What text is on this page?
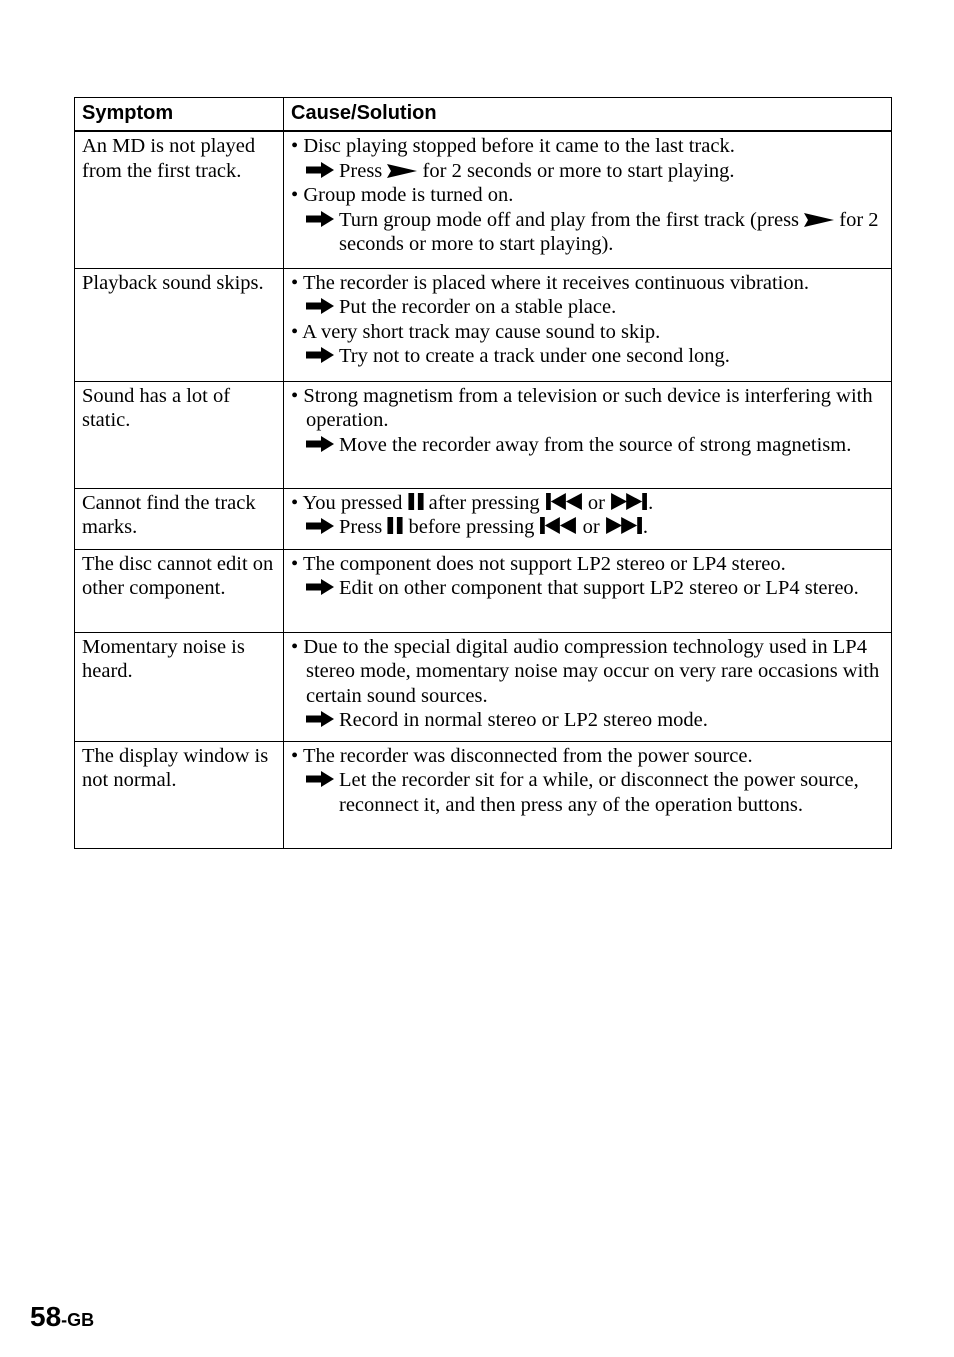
Symptom	Cause/Solution
An MD is not played from the first track.	• Disc playing stopped before it came to the last track.
Press  for 2 seconds or more to start playing.
• Group mode is turned on.
Turn group mode off and play from the first track (press  for 2 seconds or more to start playing).

Playback sound skips.	• The recorder is placed where it receives continuous vibration.
Put the recorder on a stable place.
• A very short track may cause sound to skip.
Try not to create a track under one second long.

Sound has a lot of static.	• Strong magnetism from a television or such device is interfering with operation.
Move the recorder away from the source of strong magnetism.

Cannot find the track marks.	• You pressed after pressing or .
Press before pressing or .

The disc cannot edit on other component.	• The component does not support LP2 stereo or LP4 stereo.
Edit on other component that support LP2 stereo or LP4 stereo.

Momentary noise is heard.	• Due to the special digital audio compression technology used in LP4 stereo mode, momentary noise may occur on very rare occasions with certain sound sources.
Record in normal stereo or LP2 stereo mode.

The display window is not normal.	• The recorder was disconnected from the power source.
Let the recorder sit for a while, or disconnect the power source, reconnect it, and then press any of the operation buttons.
58-GB
